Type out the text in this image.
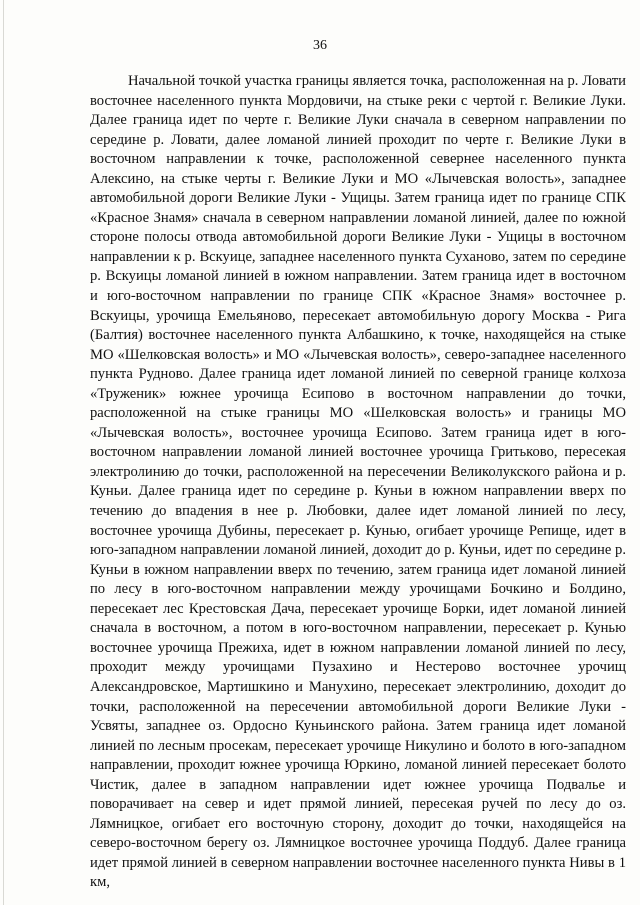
36

Начальной точкой участка границы является точка, расположенная на р. Ловати восточнее населенного пункта Мордовичи, на стыке реки с чертой г. Великие Луки. Далее граница идет по черте г. Великие Луки сначала в северном направлении по середине р. Ловати, далее ломаной линией проходит по черте г. Великие Луки в восточном направлении к точке, расположенной севернее населенного пункта Алексино, на стыке черты г. Великие Луки и МО «Лычевская волость», западнее автомобильной дороги Великие Луки - Ущицы. Затем граница идет по границе СПК «Красное Знамя» сначала в северном направлении ломаной линией, далее по южной стороне полосы отвода автомобильной дороги Великие Луки - Ущицы в восточном направлении к р. Вскуице, западнее населенного пункта Суханово, затем по середине р. Вскуицы ломаной линией в южном направлении. Затем граница идет в восточном и юго-восточном направлении по границе СПК «Красное Знамя» восточнее р. Вскуицы, урочища Емельяново, пересекает автомобильную дорогу Москва - Рига (Балтия) восточнее населенного пункта Албашкино, к точке, находящейся на стыке МО «Шелковская волость» и МО «Лычевская волость», северо-западнее населенного пункта Руднoво. Далее граница идет ломаной линией по северной границе колхоза «Труженик» южнее урочища Есипово в восточном направлении до точки, расположенной на стыке границы МО «Шелковская волость» и границы МО «Лычевская волость», восточнее урочища Есипово. Затем граница идет в юго-восточном направлении ломаной линией восточнее урочища Гритьково, пересекая электролинию до точки, расположенной на пересечении Великолукского района и р. Куньи. Далее граница идет по середине р. Куньи в южном направлении вверх по течению до впадения в нее р. Любовки, далее идет ломаной линией по лесу, восточнее урочища Дубины, пересекает р. Кунью, огибает урочище Репище, идет в юго-западном направлении ломаной линией, доходит до р. Куньи, идет по середине р. Куньи в южном направлении вверх по течению, затем граница идет ломаной линией по лесу в юго-восточном направлении между урочищами Бочкино и Болдино, пересекает лес Крестовская Дача, пересекает урочище Борки, идет ломаной линией сначала в восточном, а потом в юго-восточном направлении, пересекает р. Кунью восточнее урочища Прежиха, идет в южном направлении ломаной линией по лесу, проходит между урочищами Пузахино и Нестерово восточнее урочищ Александровское, Мартишкино и Манухино, пересекает электролинию, доходит до точки, расположенной на пересечении автомобильной дороги Великие Луки - Усвяты, западнее оз. Ордосно Куньинского района. Затем граница идет ломаной линией по лесным просекам, пересекает урочище Никулино и болото в юго-западном направлении, проходит южнее урочища Юркино, ломаной линией пересекает болото Чистик, далее в западном направлении идет южнее урочища Подвалье и поворачивает на север и идет прямой линией, пересекая ручей по лесу до оз. Лямницкое, огибает его восточную сторону, доходит до точки, находящейся на северо-восточном берегу оз. Лямницкое восточнее урочища Поддуб. Далее граница идет прямой линией в северном направлении восточнее населенного пункта Нивы в 1 км,
